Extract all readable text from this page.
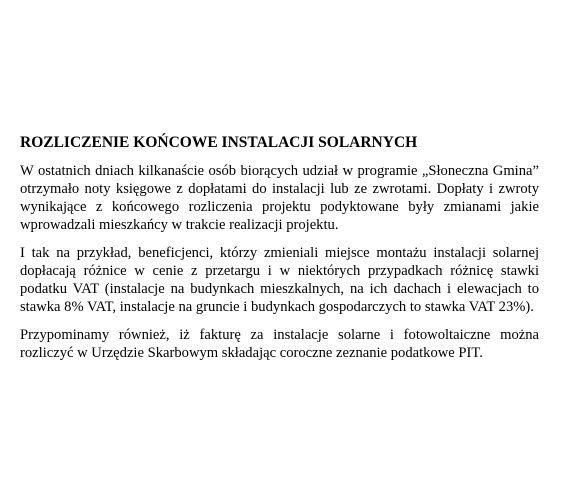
ROZLICZENIE KOŃCOWE INSTALACJI SOLARNYCH

W ostatnich dniach kilkanaście osób biorących udział w programie „Słoneczna Gmina” otrzymało noty księgowe z dopłatami do instalacji lub ze zwrotami. Dopłaty i zwroty wynikające z końcowego rozliczenia projektu podyktowane były zmianami jakie wprowadzali mieszkańcy w trakcie realizacji projektu.

I tak na przykład, beneficjenci, którzy zmieniali miejsce montażu instalacji solarnej dopłacają różnice w cenie z przetargu i w niektórych przypadkach różnicę stawki podatku VAT (instalacje na budynkach mieszkalnych, na ich dachach i elewacjach to stawka 8% VAT, instalacje na gruncie i budynkach gospodarczych to stawka VAT 23%).

Przypominamy również, iż fakturę za instalacje solarne i fotowoltaiczne można rozliczyć w Urzędzie Skarbowym składając coroczne zeznanie podatkowe PIT.
